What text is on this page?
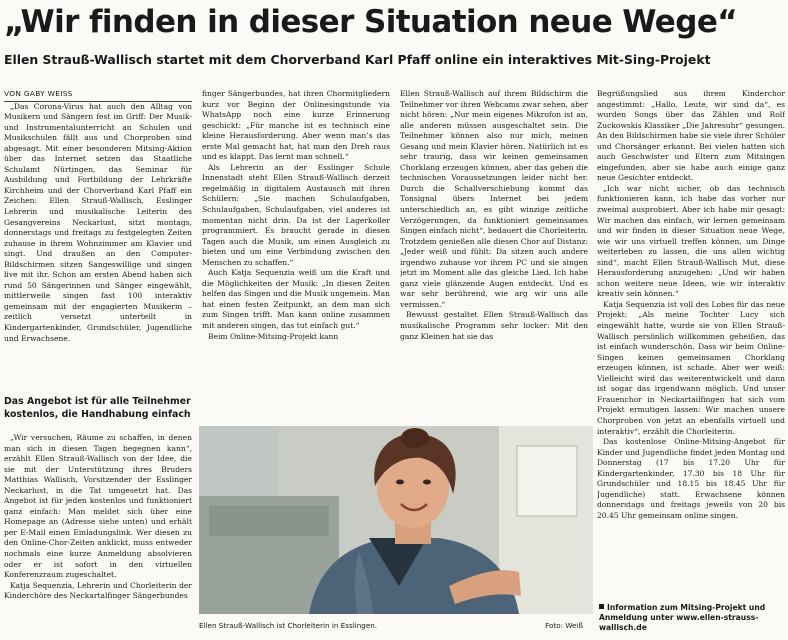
„Wir finden in dieser Situation neue Wege“
Ellen Strauß-Wallisch startet mit dem Chorverband Karl Pfaff online ein interaktives Mit-Sing-Projekt

VON GABY WEISS

„Das Corona-Virus hat auch den Alltag von Musikern und Sängern fest im Griff: Der Musik- und Instrumentalunterricht an Schulen und Musikschulen fällt aus und Chorproben sind abgesagt. Mit einer besonderen Mitsing-Aktion über das Internet setzen das Staatliche Schulamt Nürtingen, das Seminar für Ausbildung und Fortbildung der Lehrkräfte Kirchheim und der Chorverband Karl Pfaff ein Zeichen: Ellen Strauß-Wallisch, Esslinger Lehrerin und musikalische Leiterin des Gesangvereins Neckarlust, sitzt montags, donnerstags und freitags zu festgelegten Zeiten zuhause in ihrem Wohnzimmer am Klavier und singt. Und draußen an den Computer-Bildschirmen sitzen Sangeswillige und singen live mit ihr. Schon am ersten Abend haben sich rund 50 Sängerinnen und Sänger eingewählt, mittlerweile singen fast 100 interaktiv gemeinsam mit der engagierten Musikerin – zeitlich versetzt unterteilt in Kindergartenkinder, Grundschüler, Jugendliche und Erwachsene.

Das Angebot ist für alle Teilnehmer kostenlos, die Handhabung einfach

„Wir versuchen, Räume zu schaffen, in denen man sich in diesen Tagen begegnen kann“, erzählt Ellen Strauß-Wallisch von der Idee, die sie mit der Unterstützung ihres Bruders Matthias Wallisch, Vorsitzender der Esslinger Neckarlust, in die Tat umgesetzt hat. Das Angebot ist für jeden kostenlos und funktioniert ganz einfach: Man meldet sich über eine Homepage an (Adresse siehe unten) und erhält per E-Mail einen Einladungslink. Wer diesen zu den Online-Chor-Zeiten anklickt, muss entweder nochmals eine kurze Anmeldung absolvieren oder er ist sofort in den virtuellen Konferenzraum zugeschaltet.

Katja Sequenzia, Lehrerin und Chorleiterin der Kinderchöre des Neckartalfinger Sängerbundes

finger Sängerbundes, hat ihren Chormitgliedern kurz vor Beginn der Onlinesingstunde via WhatsApp noch eine kurze Erinnerung geschickt: „Für manche ist es technisch eine kleine Herausforderung. Aber wenn man’s das erste Mal gemacht hat, hat man den Dreh raus und es klappt. Das lernt man schnell.“

Als Lehrerin an der Esslinger Schule Innenstadt steht Ellen Strauß-Wallisch derzeit regelmäßig in digitalem Austausch mit ihren Schülern: „Sie machen Schulaufgaben, Schulaufgaben, Schulaufgaben, viel anderes ist momentan nicht drin. Da ist der Lagerkoller programmiert. Es braucht gerade in diesen Tagen auch die Musik, um einen Ausgleich zu bieten und um eine Verbindung zwischen den Menschen zu schaffen.“

Auch Katja Sequenzia weiß um die Kraft und die Möglichkeiten der Musik: „In diesen Zeiten helfen das Singen und die Musik ungemein. Man hat einen festen Zeitpunkt, an dem man sich zum Singen trifft. Man kann online zusammen mit anderen singen, das tut einfach gut.“

Beim Online-Mitsing-Projekt kann

Ellen Strauß-Wallisch auf ihrem Bildschirm die Teilnehmer vor ihren Webcams zwar sehen, aber nicht hören: „Nur mein eigenes Mikrofon ist an, alle anderen müssen ausgeschaltet sein. Die Teilnehmer können also nur mich, meinen Gesang und mein Klavier hören. Natürlich ist es sehr traurig, dass wir keinen gemeinsamen Chorklang erzeugen können, aber das geben die technischen Voraussetzungen leider nicht her. Durch die Schallverschiebung kommt das Tonsignal übers Internet bei jedem unterschiedlich an, es gibt winzige zeitliche Verzögerungen, da funktioniert gemeinsames Singen einfach nicht“, bedauert die Chorleiterin. Trotzdem genießen alle diesen Chor auf Distanz: „Jeder weiß und fühlt: Da sitzen auch andere irgendwo zuhause vor ihrem PC und sie singen jetzt im Moment alle das gleiche Lied. Ich habe ganz viele glänzende Augen entdeckt. Und es war sehr berührend, wie arg wir uns alle vermissen.“

Bewusst gestaltet Ellen Strauß-Wallisch das musikalische Programm sehr locker: Mit den ganz Kleinen hat sie das

Ellen Strauß-Wallisch ist Chorleiterin in Esslingen.	Foto: Weiß

Begrüßungslied aus ihrem Kinderchor angestimmt: „Hallo, Leute, wir sind da“, es wurden Songs über das Zählen und Rolf Zuckowskis Klassiker „Die Jahresuhr“ gesungen. An den Bildschirmen habe sie viele ihrer Schüler und Chorsänger erkannt. Bei vielen hatten sich auch Geschwister und Eltern zum Mitsingen eingefunden, aber sie habe auch einige ganz neue Gesichter entdeckt.

„Ich war nicht sicher, ob das technisch funktionieren kann, ich habe das vorher nur zweimal ausprobiert. Aber ich habe mir gesagt: Wir machen das einfach, wir lernen gemeinsam und wir finden in dieser Situation neue Wege, wie wir uns virtuell treffen können, um Dinge weiterleben zu lassen, die uns allen wichtig sind“, macht Ellen Strauß-Wallisch Mut, diese Herausforderung anzugehen: „Und wir haben schon weitere neue Ideen, wie wir interaktiv kreativ sein können.“

Katja Sequenzia ist voll des Lobes für das neue Projekt: „Als meine Tochter Lucy sich eingewählt hatte, wurde sie von Ellen Strauß-Wallisch persönlich willkommen geheißen, das ist einfach wunderschön. Dass wir beim Online-Singen keinen gemeinsamen Chorklang erzeugen können, ist schade. Aber wer weiß: Vielleicht wird das weiterentwickelt und dann ist sogar das irgendwann möglich. Und unser Frauenchor in Neckartailfingen hat sich vom Projekt ermutigen lassen: Wir machen unsere Chorproben von jetzt an ebenfalls virtuell und interaktiv“, erzählt die Chorleiterin.

Das kostenlose Online-Mitsing-Angebot für Kinder und Jugendliche findet jeden Montag und Donnerstag (17 bis 17.20 Uhr für Kindergartenkinder, 17.30 bis 18 Uhr für Grundschüler und 18.15 bis 18.45 Uhr für Jugendliche) statt. Erwachsene können donnerstags und freitags jeweils von 20 bis 20.45 Uhr gemeinsam online singen.

Information zum Mitsing-Projekt und Anmeldung unter www.ellen-strauss-wallisch.de
